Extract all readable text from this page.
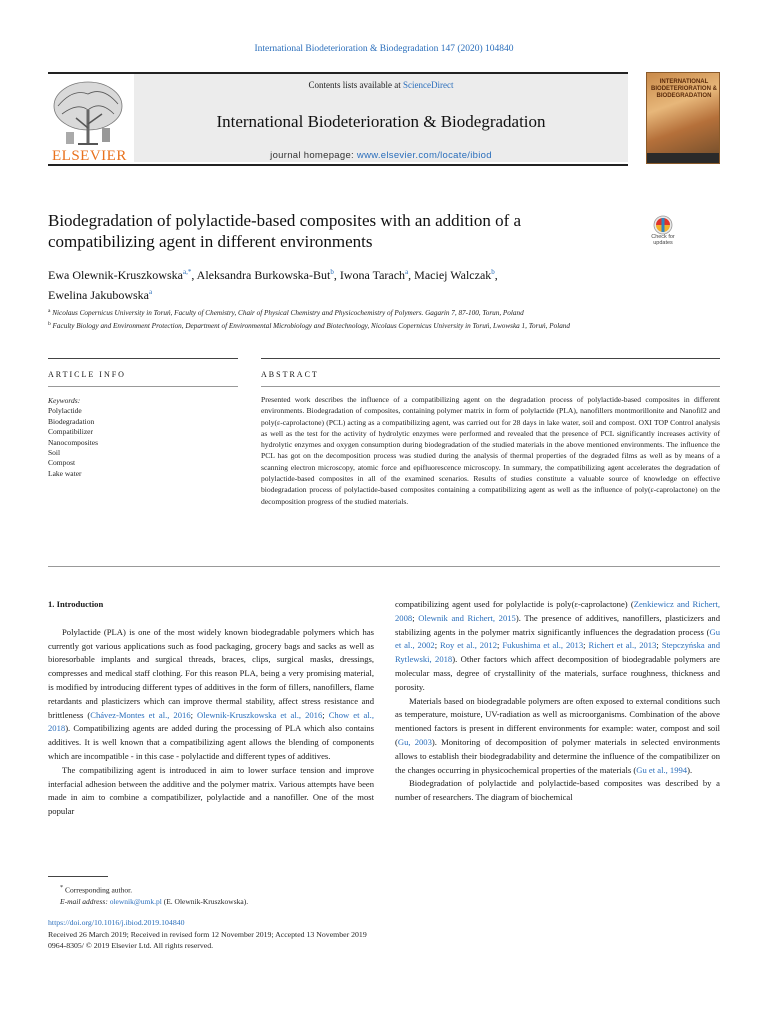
International Biodeterioration & Biodegradation 147 (2020) 104840
ELSEVIER
Contents lists available at ScienceDirect
International Biodeterioration & Biodegradation
journal homepage: www.elsevier.com/locate/ibiod
INTERNATIONAL BIODETERIORATION & BIODEGRADATION
Biodegradation of polylactide-based composites with an addition of a compatibilizing agent in different environments	Check for updates
Ewa Olewnik-Kruszkowska$^{a,*}$, Aleksandra Burkowska-But$^b$, Iwona Tarach$^a$, Maciej Walczak$^b$,
Ewelina Jakubowska$^a$
$^a$ Nicolaus Copernicus University in Toruń, Faculty of Chemistry, Chair of Physical Chemistry and Physicochemistry of Polymers. Gagarin 7, 87-100, Torun, Poland
$^b$ Faculty Biology and Environment Protection, Department of Environmental Microbiology and Biotechnology, Nicolaus Copernicus University in Toruń, Lwowska 1, Toruń, Poland
ARTICLE INFO	ABSTRACT
Keywords:
Polylactide
Biodegradation
Compatibilizer
Nanocomposites
Soil
Compost
Lake water
Presented work describes the influence of a compatibilizing agent on the degradation process of polylactide-based composites in different environments. Biodegradation of composites, containing polymer matrix in form of polylactide (PLA), nanofillers montmorillonite and Nanofil2 and poly(ε-caprolactone) (PCL) acting as a compatibilizing agent, was carried out for 28 days in lake water, soil and compost. OXI TOP Control analysis as well as the test for the activity of hydrolytic enzymes were performed and revealed that the presence of PCL significantly increases activity of hydrolytic enzymes and oxygen consumption during biodegradation of the studied materials in the above mentioned environments. The influence the PCL has got on the decomposition process was studied during the analysis of thermal properties of the degraded films as well as by means of a scanning electron microscopy, atomic force and epifluorescence microscopy. In summary, the compatibilizing agent accelerates the degradation of polylactide-based composites in all of the examined scenarios. Results of studies constitute a valuable source of knowledge on effective biodegradation process of polylactide-based composites containing a compatibilizing agent as well as the influence of poly(ε-caprolactone) on the decomposition progress of the studied materials.
1. Introduction

Polylactide (PLA) is one of the most widely known biodegradable polymers which has currently got various applications such as food packaging, grocery bags and sacks as well as bioresorbable implants and surgical threads, braces, clips, surgical masks, dressings, compresses and medical staff clothing. For this reason PLA, being a very promising material, is modified by introducing different types of additives in the form of fillers, nanofillers, flame retardants and plasticizers which can improve thermal stability, affect stress resistance and brittleness (Chávez-Montes et al., 2016; Olewnik-Kruszkowska et al., 2016; Chow et al., 2018). Compatibilizing agents are added during the processing of PLA which also contains additives. It is well known that a compatibilizing agent allows the blending of components which are incompatible - in this case - polylactide and different types of additives.

The compatibilizing agent is introduced in aim to lower surface tension and improve interfacial adhesion between the additive and the polymer matrix. Various attempts have been made in aim to combine a compatibilizer, polylactide and a nanofiller. One of the most popular

compatibilizing agent used for polylactide is poly(ε-caprolactone) (Zenkiewicz and Richert, 2008; Olewnik and Richert, 2015). The presence of additives, nanofillers, plasticizers and stabilizing agents in the polymer matrix significantly influences the degradation process (Gu et al., 2002; Roy et al., 2012; Fukushima et al., 2013; Richert et al., 2013; Stepczyńska and Rytlewski, 2018). Other factors which affect decomposition of biodegradable polymers are molecular mass, degree of crystallinity of the materials, surface roughness, thickness and porosity.

Materials based on biodegradable polymers are often exposed to external conditions such as temperature, moisture, UV-radiation as well as microorganisms. Combination of the above mentioned factors is present in different environments for example: water, compost and soil (Gu, 2003). Monitoring of decomposition of polymer materials in selected environments allows to establish their biodegradability and determine the influence of the compatibilizer on the changes occurring in physicochemical properties of the materials (Gu et al., 1994).

Biodegradation of polylactide and polylactide-based composites was described by a number of researchers. The diagram of biochemical

* Corresponding author.
E-mail address: olewnik@umk.pl (E. Olewnik-Kruszkowska).
https://doi.org/10.1016/j.ibiod.2019.104840
Received 26 March 2019; Received in revised form 12 November 2019; Accepted 13 November 2019
0964-8305/ © 2019 Elsevier Ltd. All rights reserved.
